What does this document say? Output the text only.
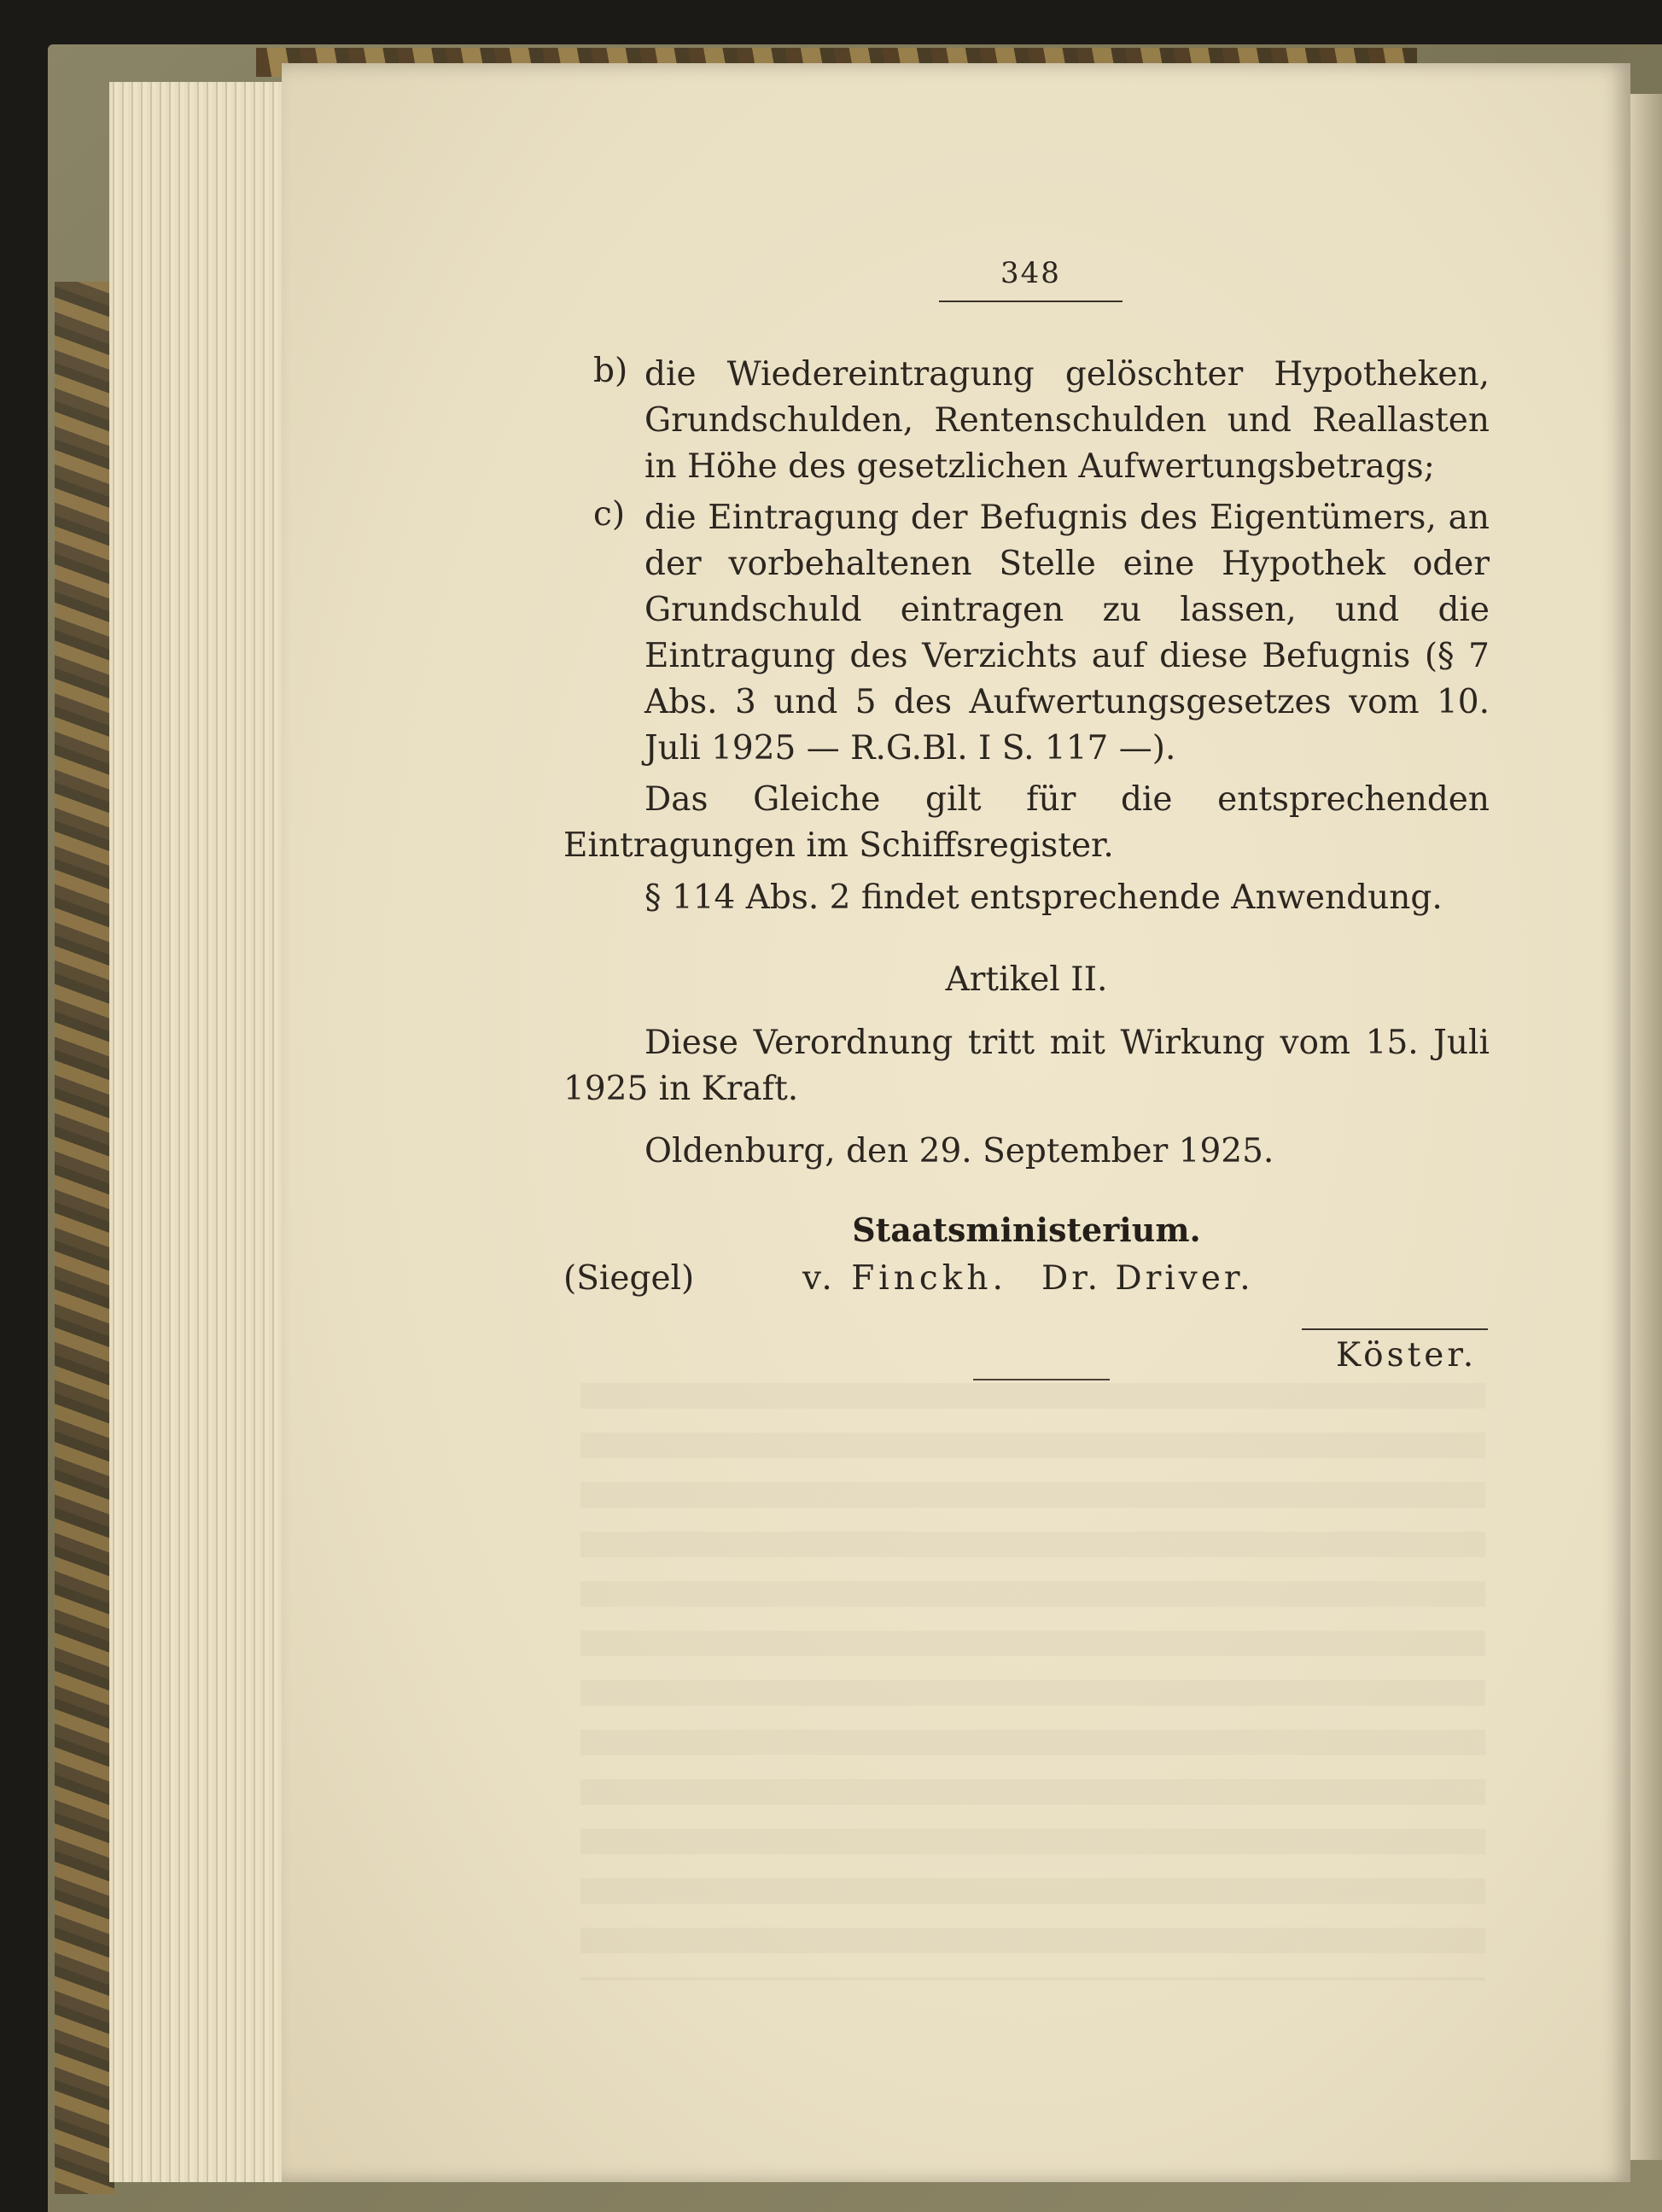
348
b) die Wiedereintragung gelöschter Hypotheken, Grundschulden, Rentenschulden und Reallasten in Höhe des gesetzlichen Aufwertungsbetrags;
c) die Eintragung der Befugnis des Eigentümers, an der vorbehaltenen Stelle eine Hypothek oder Grundschuld eintragen zu lassen, und die Eintragung des Verzichts auf diese Befugnis (§ 7 Abs. 3 und 5 des Aufwertungsgesetzes vom 10. Juli 1925 — R.G.Bl. I S. 117 —).
Das Gleiche gilt für die entsprechenden Eintragungen im Schiffsregister.
§ 114 Abs. 2 findet entsprechende Anwendung.
Artikel II.
Diese Verordnung tritt mit Wirkung vom 15. Juli 1925 in Kraft.
Oldenburg, den 29. September 1925.
Staatsministerium.
(Siegel)	v. Finckh. Dr. Driver.
Köster.
